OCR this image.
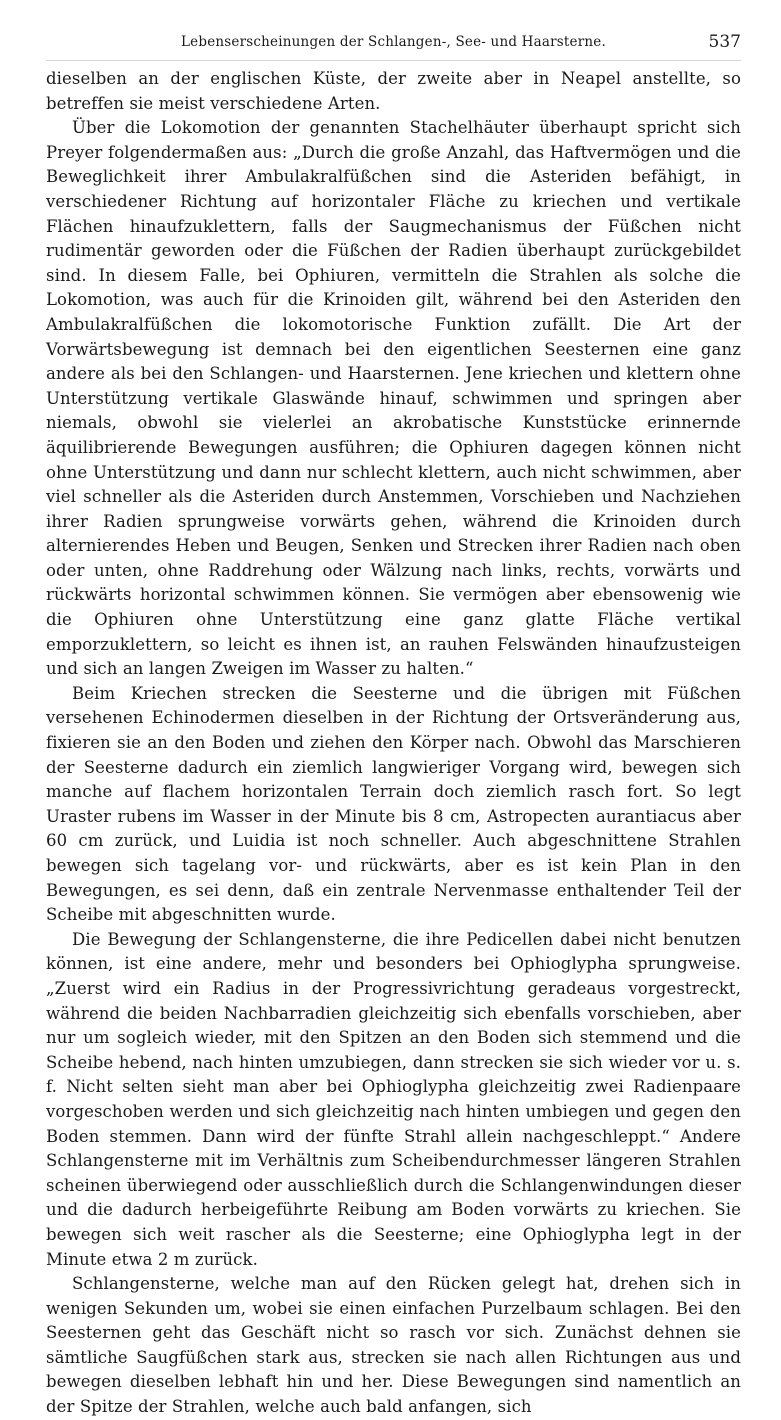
Lebenserscheinungen der Schlangen-, See- und Haarsterne.	537

dieselben an der englischen Küste, der zweite aber in Neapel anstellte, so betreffen sie meist verschiedene Arten.

Über die Lokomotion der genannten Stachelhäuter überhaupt spricht sich Preyer folgendermaßen aus: „Durch die große Anzahl, das Haftvermögen und die Beweglichkeit ihrer Ambulakralfüßchen sind die Asteriden befähigt, in verschiedener Richtung auf horizontaler Fläche zu kriechen und vertikale Flächen hinaufzuklettern, falls der Saugmechanismus der Füßchen nicht rudimentär geworden oder die Füßchen der Radien überhaupt zurückgebildet sind. In diesem Falle, bei Ophiuren, vermitteln die Strahlen als solche die Lokomotion, was auch für die Krinoiden gilt, während bei den Asteriden den Ambulakralfüßchen die lokomotorische Funktion zufällt. Die Art der Vorwärtsbewegung ist demnach bei den eigentlichen Seesternen eine ganz andere als bei den Schlangen- und Haarsternen. Jene kriechen und klettern ohne Unterstützung vertikale Glaswände hinauf, schwimmen und springen aber niemals, obwohl sie vielerlei an akrobatische Kunststücke erinnernde äquilibrierende Bewegungen ausführen; die Ophiuren dagegen können nicht ohne Unterstützung und dann nur schlecht klettern, auch nicht schwimmen, aber viel schneller als die Asteriden durch Anstemmen, Vorschieben und Nachziehen ihrer Radien sprungweise vorwärts gehen, während die Krinoiden durch alternierendes Heben und Beugen, Senken und Strecken ihrer Radien nach oben oder unten, ohne Raddrehung oder Wälzung nach links, rechts, vorwärts und rückwärts horizontal schwimmen können. Sie vermögen aber ebensowenig wie die Ophiuren ohne Unterstützung eine ganz glatte Fläche vertikal emporzuklettern, so leicht es ihnen ist, an rauhen Felswänden hinaufzusteigen und sich an langen Zweigen im Wasser zu halten.“

Beim Kriechen strecken die Seesterne und die übrigen mit Füßchen versehenen Echinodermen dieselben in der Richtung der Ortsveränderung aus, fixieren sie an den Boden und ziehen den Körper nach. Obwohl das Marschieren der Seesterne dadurch ein ziemlich langwieriger Vorgang wird, bewegen sich manche auf flachem horizontalen Terrain doch ziemlich rasch fort. So legt Uraster rubens im Wasser in der Minute bis 8 cm, Astropecten aurantiacus aber 60 cm zurück, und Luidia ist noch schneller. Auch abgeschnittene Strahlen bewegen sich tagelang vor- und rückwärts, aber es ist kein Plan in den Bewegungen, es sei denn, daß ein zentrale Nervenmasse enthaltender Teil der Scheibe mit abgeschnitten wurde.

Die Bewegung der Schlangensterne, die ihre Pedicellen dabei nicht benutzen können, ist eine andere, mehr und besonders bei Ophioglypha sprungweise. „Zuerst wird ein Radius in der Progressivrichtung geradeaus vorgestreckt, während die beiden Nachbarradien gleichzeitig sich ebenfalls vorschieben, aber nur um sogleich wieder, mit den Spitzen an den Boden sich stemmend und die Scheibe hebend, nach hinten umzubiegen, dann strecken sie sich wieder vor u. s. f. Nicht selten sieht man aber bei Ophioglypha gleichzeitig zwei Radienpaare vorgeschoben werden und sich gleichzeitig nach hinten umbiegen und gegen den Boden stemmen. Dann wird der fünfte Strahl allein nachgeschleppt.“ Andere Schlangensterne mit im Verhältnis zum Scheibendurchmesser längeren Strahlen scheinen überwiegend oder ausschließlich durch die Schlangenwindungen dieser und die dadurch herbeigeführte Reibung am Boden vorwärts zu kriechen. Sie bewegen sich weit rascher als die Seesterne; eine Ophioglypha legt in der Minute etwa 2 m zurück.

Schlangensterne, welche man auf den Rücken gelegt hat, drehen sich in wenigen Sekunden um, wobei sie einen einfachen Purzelbaum schlagen. Bei den Seesternen geht das Geschäft nicht so rasch vor sich. Zunächst dehnen sie sämtliche Saugfüßchen stark aus, strecken sie nach allen Richtungen aus und bewegen dieselben lebhaft hin und her. Diese Bewegungen sind namentlich an der Spitze der Strahlen, welche auch bald anfangen, sich
